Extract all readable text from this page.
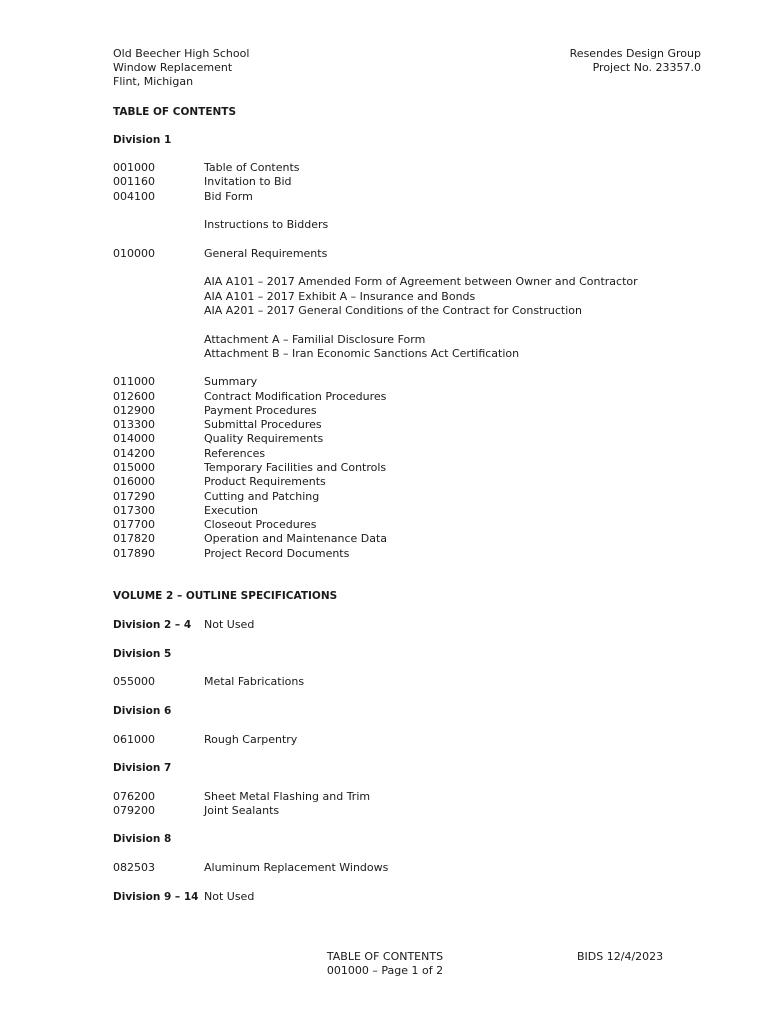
Old Beecher High School
Window Replacement
Flint, Michigan
Resendes Design Group
Project No. 23357.0
TABLE OF CONTENTS
Division 1
001000	Table of Contents
001160	Invitation to Bid
004100	Bid Form
Instructions to Bidders
010000	General Requirements
AIA A101 – 2017 Amended Form of Agreement between Owner and Contractor
AIA A101 – 2017 Exhibit A – Insurance and Bonds
AIA A201 – 2017 General Conditions of the Contract for Construction
Attachment A – Familial Disclosure Form
Attachment B – Iran Economic Sanctions Act Certification
011000	Summary
012600	Contract Modification Procedures
012900	Payment Procedures
013300	Submittal Procedures
014000	Quality Requirements
014200	References
015000	Temporary Facilities and Controls
016000	Product Requirements
017290	Cutting and Patching
017300	Execution
017700	Closeout Procedures
017820	Operation and Maintenance Data
017890	Project Record Documents
VOLUME 2 – OUTLINE SPECIFICATIONS
Division 2 – 4 Not Used
Division 5
055000	Metal Fabrications
Division 6
061000	Rough Carpentry
Division 7
076200	Sheet Metal Flashing and Trim
079200	Joint Sealants
Division 8
082503	Aluminum Replacement Windows
Division 9 – 14 Not Used
TABLE OF CONTENTS
001000 – Page 1 of 2
BIDS 12/4/2023
